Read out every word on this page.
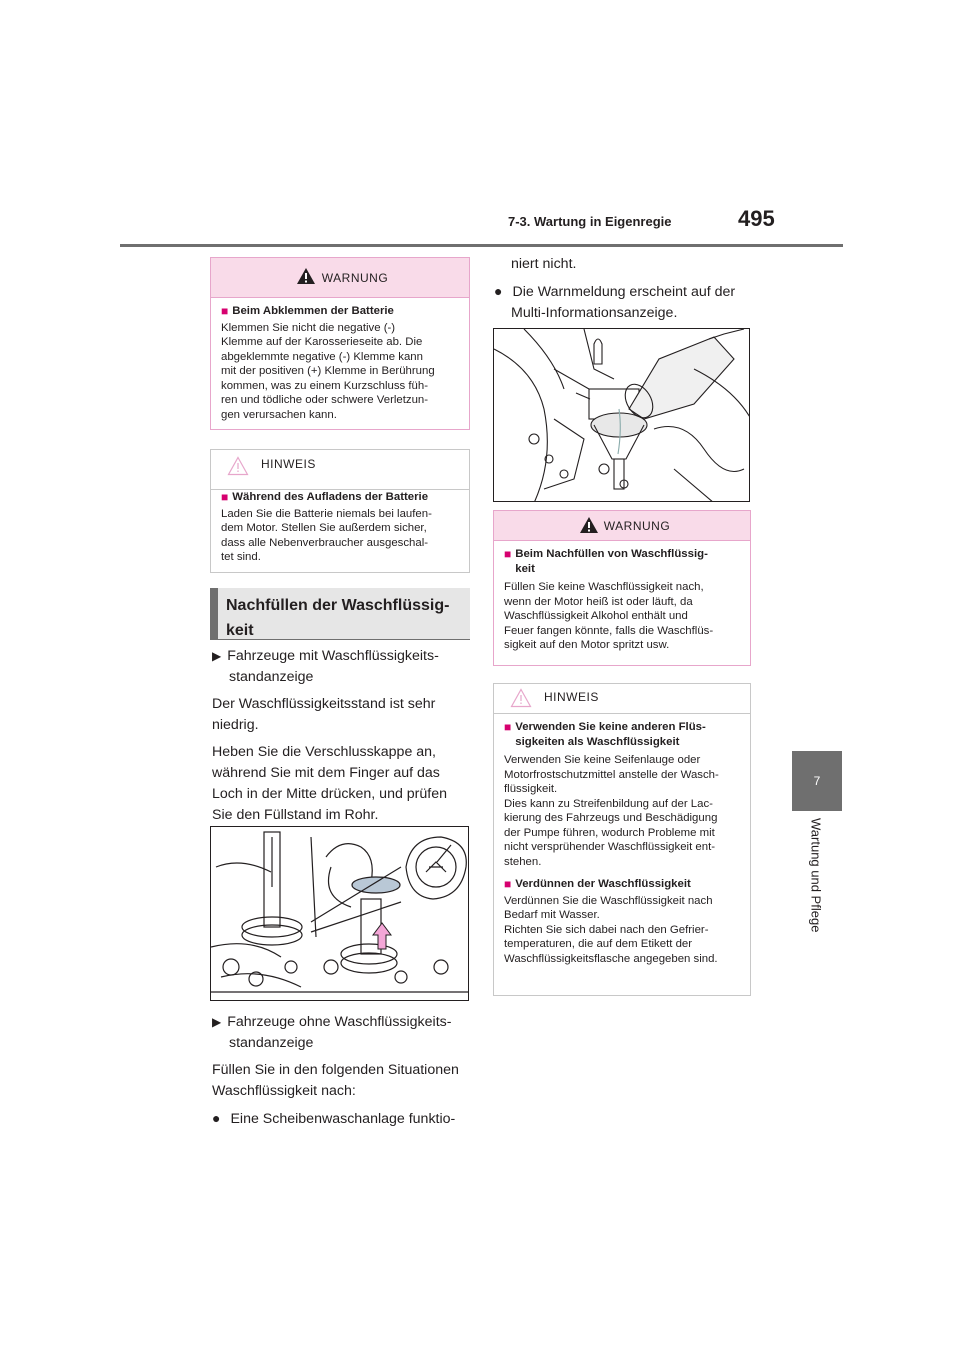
7-3. Wartung in Eigenregie	495
7
Wartung und Pflege
WARNUNG
■ Beim Abklemmen der Batterie
Klemmen Sie nicht die negative (-)
Klemme auf der Karosserieseite ab. Die
abgeklemmte negative (-) Klemme kann
mit der positiven (+) Klemme in Berührung
kommen, was zu einem Kurzschluss füh-
ren und tödliche oder schwere Verletzun-
gen verursachen kann.
HINWEIS
■ Während des Aufladens der Batterie
Laden Sie die Batterie niemals bei laufen-
dem Motor. Stellen Sie außerdem sicher,
dass alle Nebenverbraucher ausgeschal-
tet sind.
Nachfüllen der Waschflüssig-
keit
▶ Fahrzeuge mit Waschflüssigkeits-
standanzeige
Der Waschflüssigkeitsstand ist sehr
niedrig.
Heben Sie die Verschlusskappe an,
während Sie mit dem Finger auf das
Loch in der Mitte drücken, und prüfen
Sie den Füllstand im Rohr.
▶ Fahrzeuge ohne Waschflüssigkeits-
standanzeige
Füllen Sie in den folgenden Situationen
Waschflüssigkeit nach:
● Eine Scheibenwaschanlage funktio-
niert nicht.
● Die Warnmeldung erscheint auf der
Multi-Informationsanzeige.
WARNUNG
■ Beim Nachfüllen von Waschflüssig-
keit
Füllen Sie keine Waschflüssigkeit nach,
wenn der Motor heiß ist oder läuft, da
Waschflüssigkeit Alkohol enthält und
Feuer fangen könnte, falls die Waschflüs-
sigkeit auf den Motor spritzt usw.
HINWEIS
■ Verwenden Sie keine anderen Flüs-
sigkeiten als Waschflüssigkeit
Verwenden Sie keine Seifenlauge oder
Motorfrostschutzmittel anstelle der Wasch-
flüssigkeit.
Dies kann zu Streifenbildung auf der Lac-
kierung des Fahrzeugs und Beschädigung
der Pumpe führen, wodurch Probleme mit
nicht versprühender Waschflüssigkeit ent-
stehen.
■ Verdünnen der Waschflüssigkeit
Verdünnen Sie die Waschflüssigkeit nach
Bedarf mit Wasser.
Richten Sie sich dabei nach den Gefrier-
temperaturen, die auf dem Etikett der
Waschflüssigkeitsflasche angegeben sind.
